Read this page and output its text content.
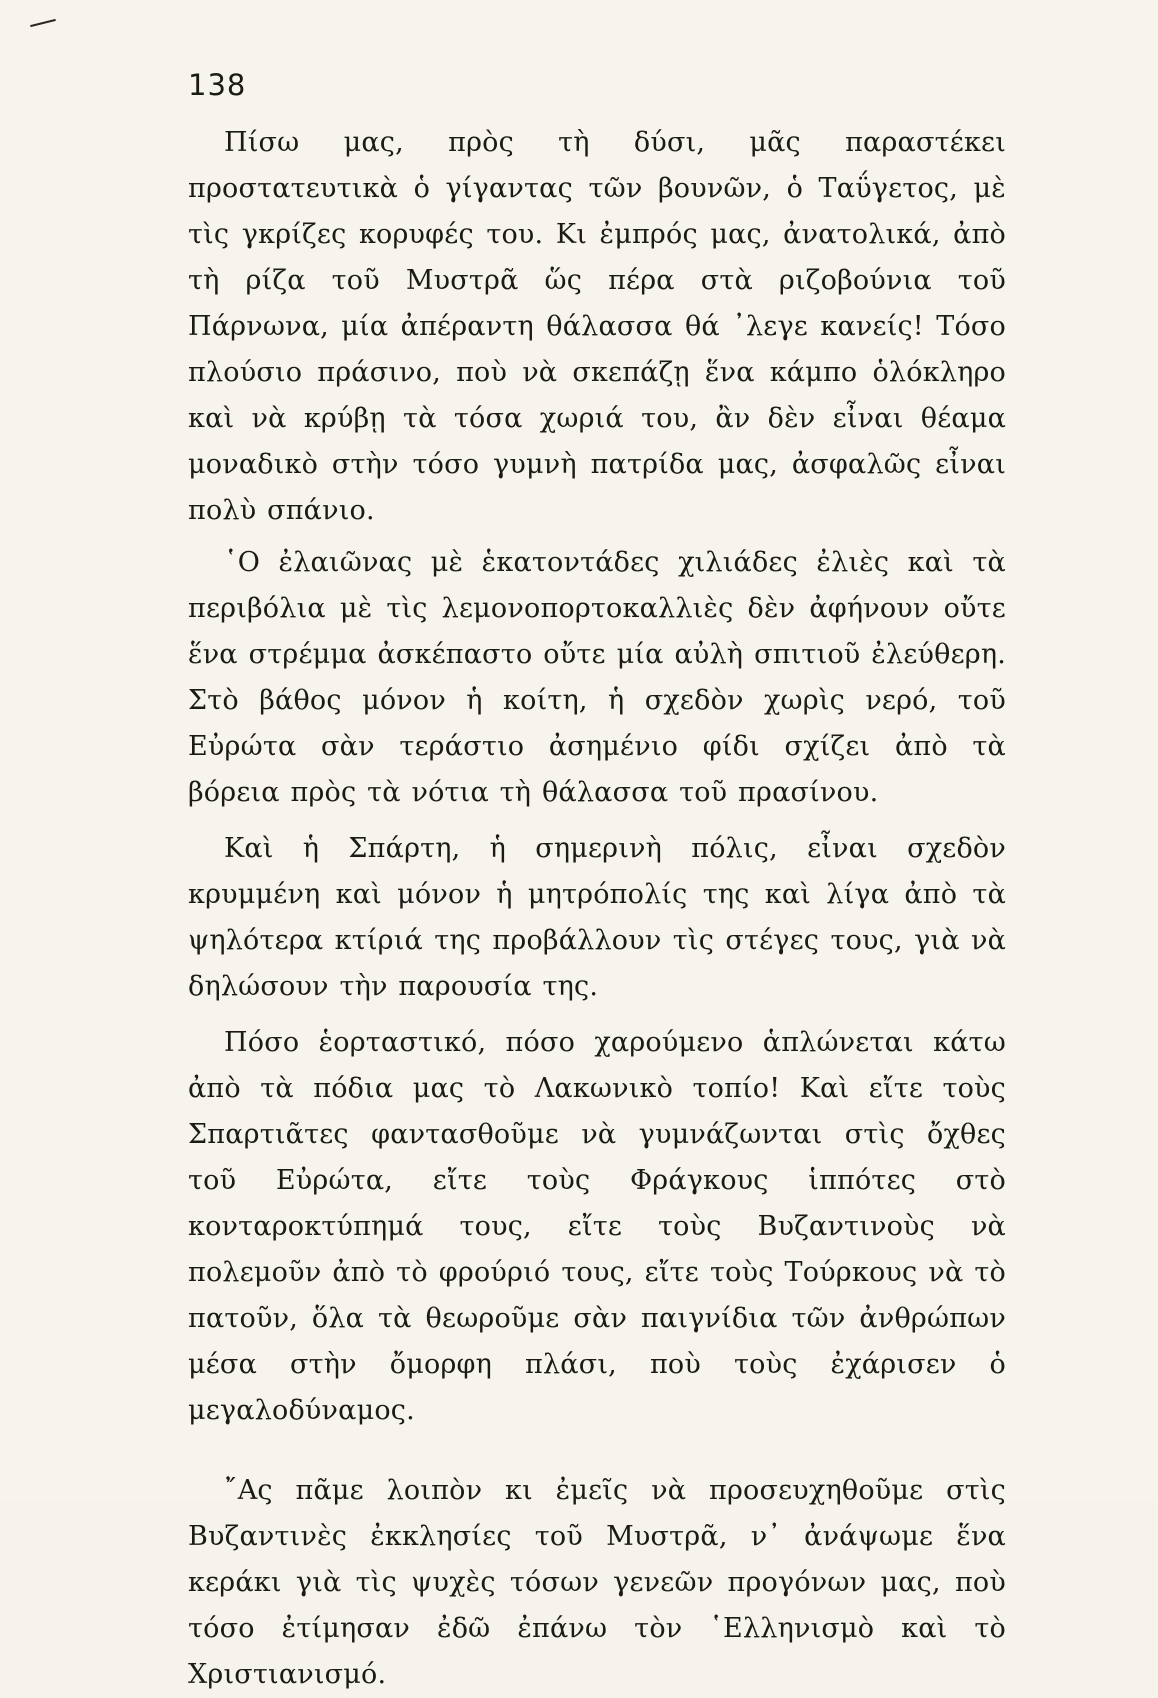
138

Πίσω μας, πρὸς τὴ δύσι, μᾶς παραστέκει προστατευτικὰ ὁ γίγαντας τῶν βουνῶν, ὁ Ταΰγετος, μὲ τὶς γκρίζες κορυφές του. Κι ἐμπρός μας, ἀνατολικά, ἀπὸ τὴ ρίζα τοῦ Μυστρᾶ ὥς πέρα στὰ ριζοβούνια τοῦ Πάρνωνα, μία ἀπέραντη θάλασσα θά ᾿λεγε κανείς! Τόσο πλούσιο πράσινο, ποὺ νὰ σκεπάζῃ ἕνα κάμπο ὁλόκληρο καὶ νὰ κρύβῃ τὰ τόσα χωριά του, ἂν δὲν εἶναι θέαμα μοναδικὸ στὴν τόσο γυμνὴ πατρίδα μας, ἀσφαλῶς εἶναι πολὺ σπάνιο.

῾Ο ἐλαιῶνας μὲ ἑκατοντάδες χιλιάδες ἐλιὲς καὶ τὰ περιβόλια μὲ τὶς λεμονοπορτοκαλλιὲς δὲν ἀφήνουν οὔτε ἕνα στρέμμα ἀσκέπαστο οὔτε μία αὐλὴ σπιτιοῦ ἐλεύθερη. Στὸ βάθος μόνον ἡ κοίτη, ἡ σχεδὸν χωρὶς νερό, τοῦ Εὐρώτα σὰν τεράστιο ἀσημένιο φίδι σχίζει ἀπὸ τὰ βόρεια πρὸς τὰ νότια τὴ θάλασσα τοῦ πρασίνου.

Καὶ ἡ Σπάρτη, ἡ σημερινὴ πόλις, εἶναι σχεδὸν κρυμμένη καὶ μόνον ἡ μητρόπολίς της καὶ λίγα ἀπὸ τὰ ψηλότερα κτίριά της προβάλλουν τὶς στέγες τους, γιὰ νὰ δηλώσουν τὴν παρουσία της.

Πόσο ἑορταστικό, πόσο χαρούμενο ἁπλώνεται κάτω ἀπὸ τὰ πόδια μας τὸ Λακωνικὸ τοπίο! Καὶ εἴτε τοὺς Σπαρτιᾶτες φαντασθοῦμε νὰ γυμνάζωνται στὶς ὄχθες τοῦ Εὐρώτα, εἴτε τοὺς Φράγκους ἱππότες στὸ κονταροκτύπημά τους, εἴτε τοὺς Βυζαντινοὺς νὰ πολεμοῦν ἀπὸ τὸ φρούριό τους, εἴτε τοὺς Τούρκους νὰ τὸ πατοῦν, ὅλα τὰ θεωροῦμε σὰν παιγνίδια τῶν ἀνθρώπων μέσα στὴν ὄμορφη πλάσι, ποὺ τοὺς ἐχάρισεν ὁ μεγαλοδύναμος.

῎Ας πᾶμε λοιπὸν κι ἐμεῖς νὰ προσευχηθοῦμε στὶς Βυζαντινὲς ἐκκλησίες τοῦ Μυστρᾶ, ν᾿ ἀνάψωμε ἕνα κεράκι γιὰ τὶς ψυχὲς τόσων γενεῶν προγόνων μας, ποὺ τόσο ἐτίμησαν ἐδῶ ἐπάνω τὸν ῾Ελληνισμὸ καὶ τὸ Χριστιανισμό.
